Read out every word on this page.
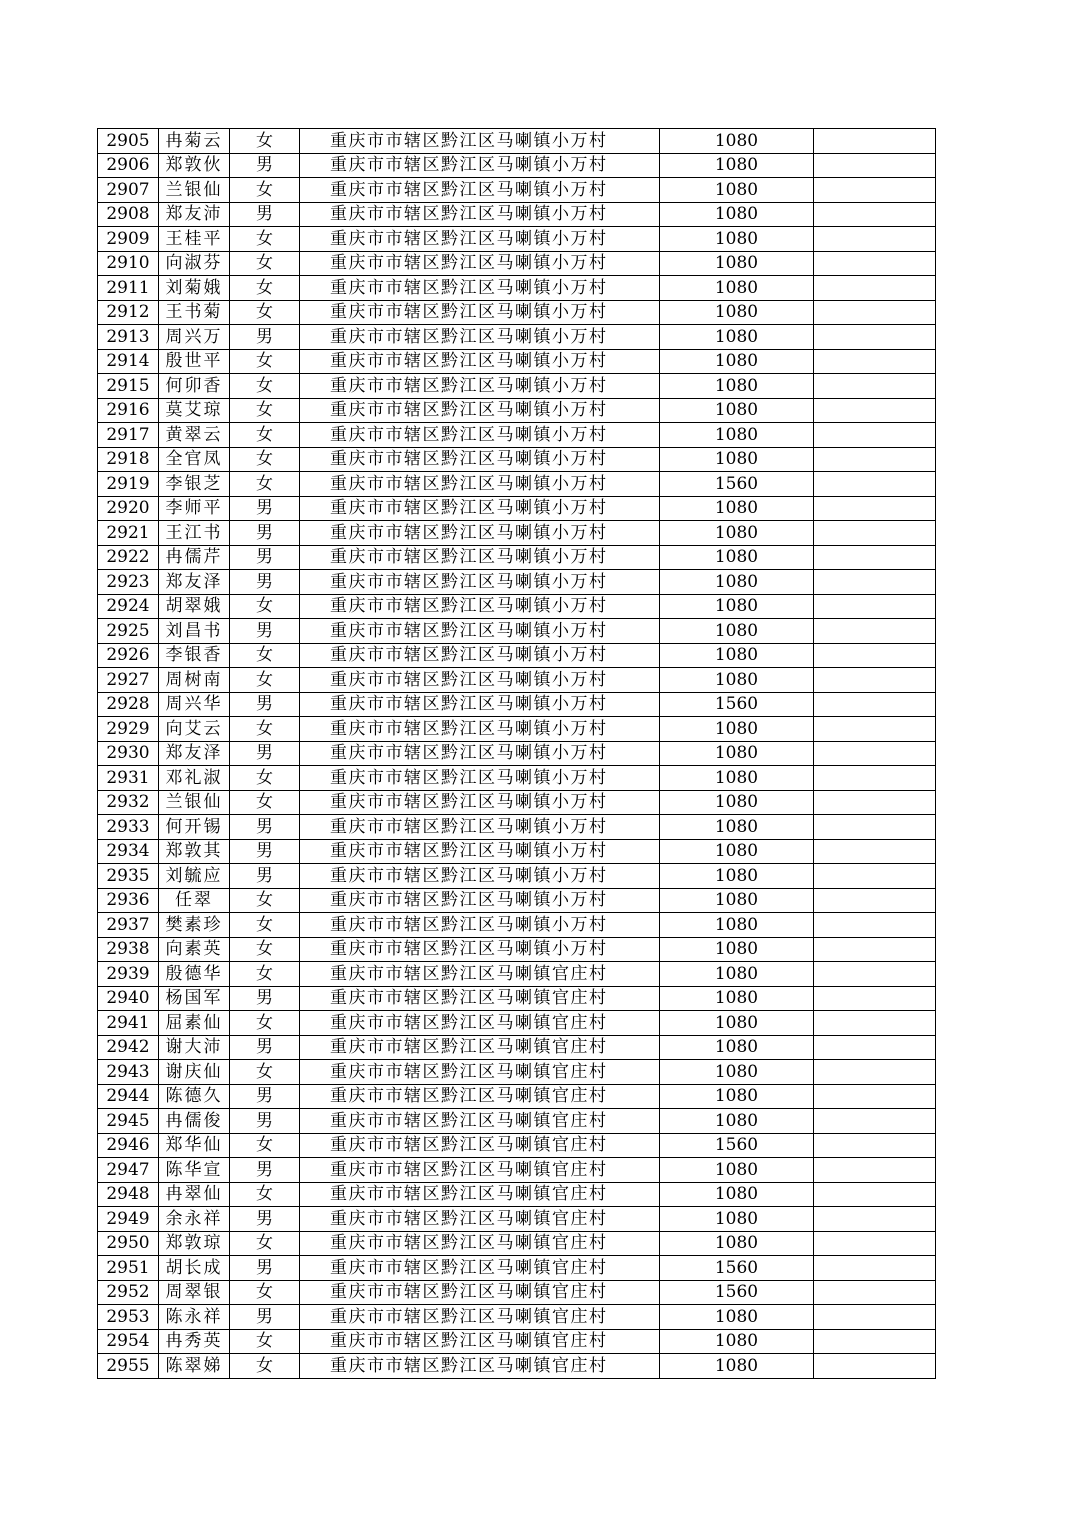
2905	冉菊云	女	重庆市市辖区黔江区马喇镇小万村	1080	
2906	郑敦伙	男	重庆市市辖区黔江区马喇镇小万村	1080	
2907	兰银仙	女	重庆市市辖区黔江区马喇镇小万村	1080	
2908	郑友沛	男	重庆市市辖区黔江区马喇镇小万村	1080	
2909	王桂平	女	重庆市市辖区黔江区马喇镇小万村	1080	
2910	向淑芬	女	重庆市市辖区黔江区马喇镇小万村	1080	
2911	刘菊娥	女	重庆市市辖区黔江区马喇镇小万村	1080	
2912	王书菊	女	重庆市市辖区黔江区马喇镇小万村	1080	
2913	周兴万	男	重庆市市辖区黔江区马喇镇小万村	1080	
2914	殷世平	女	重庆市市辖区黔江区马喇镇小万村	1080	
2915	何卯香	女	重庆市市辖区黔江区马喇镇小万村	1080	
2916	莫艾琼	女	重庆市市辖区黔江区马喇镇小万村	1080	
2917	黄翠云	女	重庆市市辖区黔江区马喇镇小万村	1080	
2918	全官凤	女	重庆市市辖区黔江区马喇镇小万村	1080	
2919	李银芝	女	重庆市市辖区黔江区马喇镇小万村	1560	
2920	李师平	男	重庆市市辖区黔江区马喇镇小万村	1080	
2921	王江书	男	重庆市市辖区黔江区马喇镇小万村	1080	
2922	冉儒芹	男	重庆市市辖区黔江区马喇镇小万村	1080	
2923	郑友泽	男	重庆市市辖区黔江区马喇镇小万村	1080	
2924	胡翠娥	女	重庆市市辖区黔江区马喇镇小万村	1080	
2925	刘昌书	男	重庆市市辖区黔江区马喇镇小万村	1080	
2926	李银香	女	重庆市市辖区黔江区马喇镇小万村	1080	
2927	周树南	女	重庆市市辖区黔江区马喇镇小万村	1080	
2928	周兴华	男	重庆市市辖区黔江区马喇镇小万村	1560	
2929	向艾云	女	重庆市市辖区黔江区马喇镇小万村	1080	
2930	郑友泽	男	重庆市市辖区黔江区马喇镇小万村	1080	
2931	邓礼淑	女	重庆市市辖区黔江区马喇镇小万村	1080	
2932	兰银仙	女	重庆市市辖区黔江区马喇镇小万村	1080	
2933	何开锡	男	重庆市市辖区黔江区马喇镇小万村	1080	
2934	郑敦其	男	重庆市市辖区黔江区马喇镇小万村	1080	
2935	刘毓应	男	重庆市市辖区黔江区马喇镇小万村	1080	
2936	任翠	女	重庆市市辖区黔江区马喇镇小万村	1080	
2937	樊素珍	女	重庆市市辖区黔江区马喇镇小万村	1080	
2938	向素英	女	重庆市市辖区黔江区马喇镇小万村	1080	
2939	殷德华	女	重庆市市辖区黔江区马喇镇官庄村	1080	
2940	杨国军	男	重庆市市辖区黔江区马喇镇官庄村	1080	
2941	屈素仙	女	重庆市市辖区黔江区马喇镇官庄村	1080	
2942	谢大沛	男	重庆市市辖区黔江区马喇镇官庄村	1080	
2943	谢庆仙	女	重庆市市辖区黔江区马喇镇官庄村	1080	
2944	陈德久	男	重庆市市辖区黔江区马喇镇官庄村	1080	
2945	冉儒俊	男	重庆市市辖区黔江区马喇镇官庄村	1080	
2946	郑华仙	女	重庆市市辖区黔江区马喇镇官庄村	1560	
2947	陈华宣	男	重庆市市辖区黔江区马喇镇官庄村	1080	
2948	冉翠仙	女	重庆市市辖区黔江区马喇镇官庄村	1080	
2949	余永祥	男	重庆市市辖区黔江区马喇镇官庄村	1080	
2950	郑敦琼	女	重庆市市辖区黔江区马喇镇官庄村	1080	
2951	胡长成	男	重庆市市辖区黔江区马喇镇官庄村	1560	
2952	周翠银	女	重庆市市辖区黔江区马喇镇官庄村	1560	
2953	陈永祥	男	重庆市市辖区黔江区马喇镇官庄村	1080	
2954	冉秀英	女	重庆市市辖区黔江区马喇镇官庄村	1080	
2955	陈翠娣	女	重庆市市辖区黔江区马喇镇官庄村	1080	
